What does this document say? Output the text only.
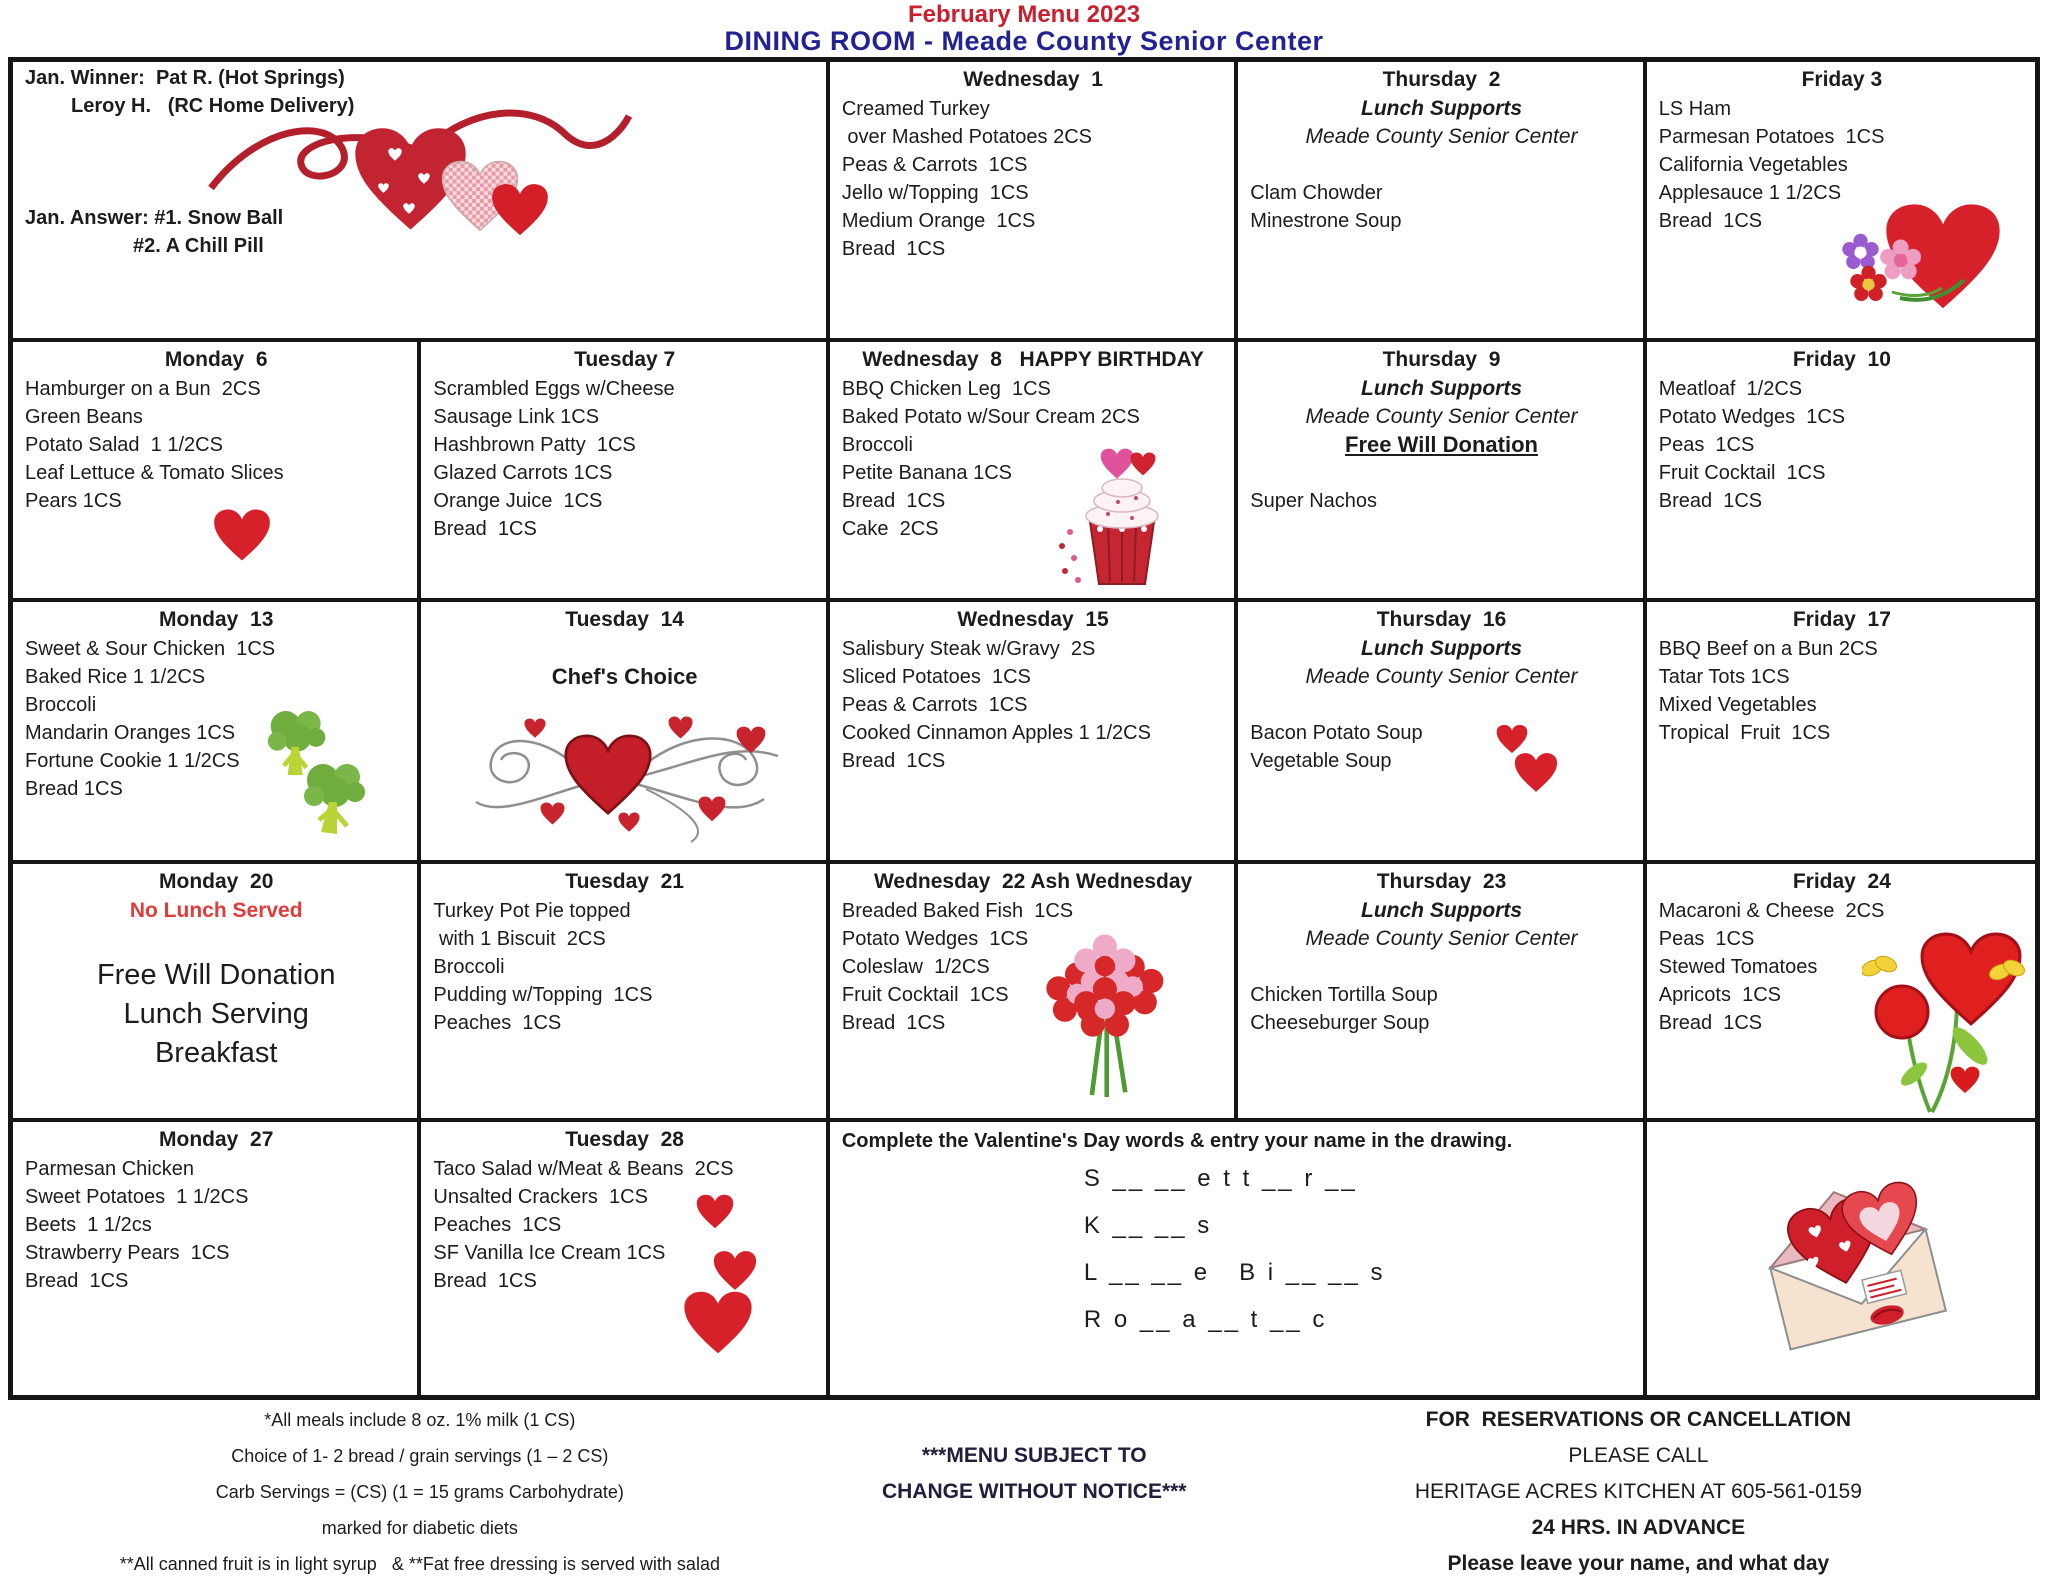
February Menu 2023
DINING ROOM - Meade County Senior Center
Jan. Winner:  Pat R. (Hot Springs)
Leroy H.   (RC Home Delivery)

Jan. Answer: #1. Snow Ball
#2. A Chill Pill
Wednesday  1
Creamed Turkey
over Mashed Potatoes 2CS
Peas & Carrots  1CS
Jello w/Topping  1CS
Medium Orange  1CS
Bread  1CS
Thursday  2
Lunch Supports
Meade County Senior Center

Clam Chowder
Minestrone Soup
Friday 3
LS Ham
Parmesan Potatoes  1CS
California Vegetables
Applesauce 1 1/2CS
Bread  1CS
Monday  6
Hamburger on a Bun  2CS
Green Beans
Potato Salad  1 1/2CS
Leaf Lettuce & Tomato Slices
Pears 1CS
Tuesday 7
Scrambled Eggs w/Cheese
Sausage Link 1CS
Hashbrown Patty  1CS
Glazed Carrots 1CS
Orange Juice  1CS
Bread  1CS
Wednesday  8   HAPPY BIRTHDAY
BBQ Chicken Leg  1CS
Baked Potato w/Sour Cream 2CS
Broccoli
Petite Banana 1CS
Bread  1CS
Cake  2CS
Thursday  9
Lunch Supports
Meade County Senior Center
Free Will Donation

Super Nachos
Friday  10
Meatloaf  1/2CS
Potato Wedges  1CS
Peas  1CS
Fruit Cocktail  1CS
Bread  1CS
Monday  13
Sweet & Sour Chicken  1CS
Baked Rice 1 1/2CS
Broccoli
Mandarin Oranges 1CS
Fortune Cookie 1 1/2CS
Bread 1CS
Tuesday  14

Chef's Choice
Wednesday  15
Salisbury Steak w/Gravy  2S
Sliced Potatoes  1CS
Peas & Carrots  1CS
Cooked Cinnamon Apples 1 1/2CS
Bread  1CS
Thursday  16
Lunch Supports
Meade County Senior Center

Bacon Potato Soup
Vegetable Soup
Friday  17
BBQ Beef on a Bun 2CS
Tatar Tots 1CS
Mixed Vegetables
Tropical  Fruit  1CS
Monday  20
No Lunch Served

Free Will Donation
Lunch Serving
Breakfast
Tuesday  21
Turkey Pot Pie topped
with 1 Biscuit  2CS
Broccoli
Pudding w/Topping  1CS
Peaches  1CS
Wednesday  22 Ash Wednesday
Breaded Baked Fish  1CS
Potato Wedges  1CS
Coleslaw  1/2CS
Fruit Cocktail  1CS
Bread  1CS
Thursday  23
Lunch Supports
Meade County Senior Center

Chicken Tortilla Soup
Cheeseburger Soup
Friday  24
Macaroni & Cheese  2CS
Peas  1CS
Stewed Tomatoes
Apricots  1CS
Bread  1CS
Monday  27
Parmesan Chicken
Sweet Potatoes  1 1/2CS
Beets  1 1/2cs
Strawberry Pears  1CS
Bread  1CS
Tuesday  28
Taco Salad w/Meat & Beans  2CS
Unsalted Crackers  1CS
Peaches  1CS
SF Vanilla Ice Cream 1CS
Bread  1CS
Complete the Valentine's Day words & entry your name in the drawing.
S __ __ e t t __ r __
K __ __ s
L __ __ e   B i __ __ s
R o __ a __ t __ c
*All meals include 8 oz. 1% milk (1 CS)
Choice of 1- 2 bread / grain servings (1 – 2 CS)
Carb Servings = (CS) (1 = 15 grams Carbohydrate)
marked for diabetic diets
**All canned fruit is in light syrup   & **Fat free dressing is served with salad
***MENU SUBJECT TO
CHANGE WITHOUT NOTICE***
FOR  RESERVATIONS OR CANCELLATION
PLEASE CALL
HERITAGE ACRES KITCHEN AT 605-561-0159
24 HRS. IN ADVANCE
Please leave your name, and what day
